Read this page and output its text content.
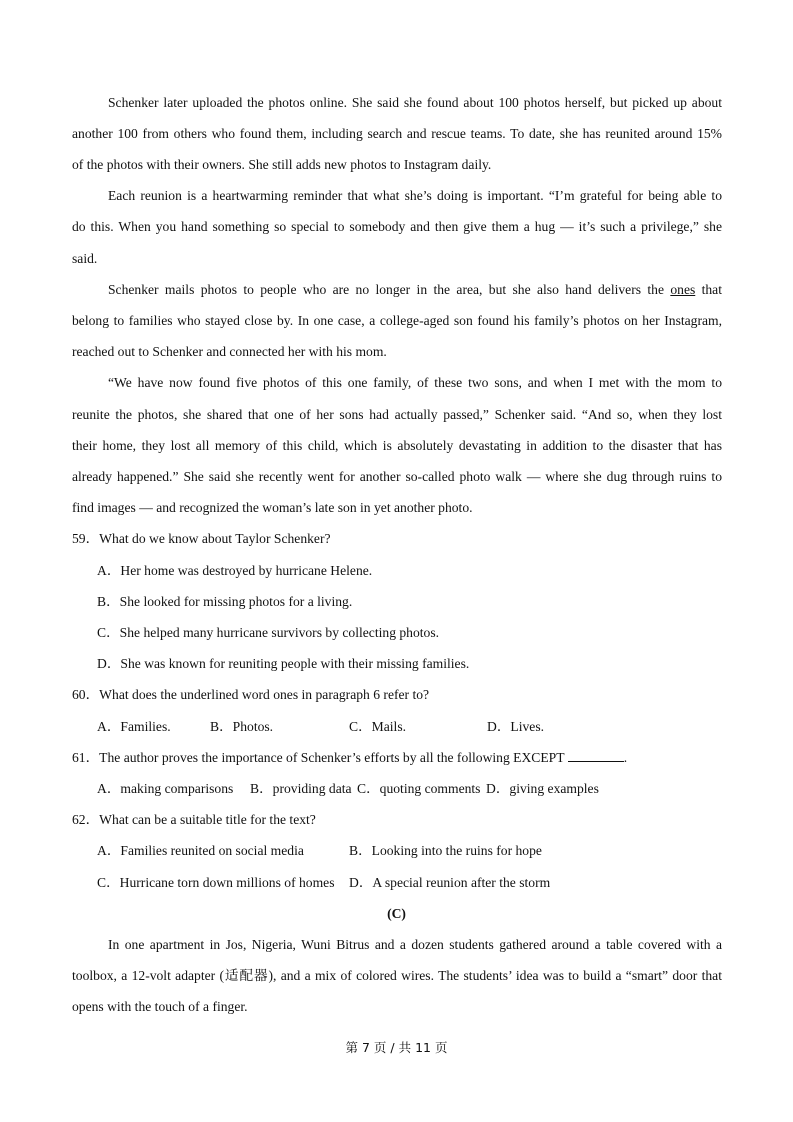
Schenker later uploaded the photos online. She said she found about 100 photos herself, but picked up about
another 100 from others who found them, including search and rescue teams. To date, she has reunited around 15%
of the photos with their owners. She still adds new photos to Instagram daily.
Each reunion is a heartwarming reminder that what she’s doing is important. “I’m grateful for being able to
do this. When you hand something so special to somebody and then give them a hug — it’s such a privilege,” she
said.
Schenker mails photos to people who are no longer in the area, but she also hand delivers the ones that
belong to families who stayed close by. In one case, a college-aged son found his family’s photos on her Instagram,
reached out to Schenker and connected her with his mom.
“We have now found five photos of this one family, of these two sons, and when I met with the mom to
reunite the photos, she shared that one of her sons had actually passed,” Schenker said. “And so, when they lost
their home, they lost all memory of this child, which is absolutely devastating in addition to the disaster that has
already happened.” She said she recently went for another so-called photo walk — where she dug through ruins to
find images — and recognized the woman’s late son in yet another photo.
59．What do we know about Taylor Schenker?
A．Her home was destroyed by hurricane Helene.
B．She looked for missing photos for a living.
C．She helped many hurricane survivors by collecting photos.
D．She was known for reuniting people with their missing families.
60．What does the underlined word ones in paragraph 6 refer to?
A．Families.	B．Photos.	C．Mails.	D．Lives.
61．The author proves the importance of Schenker’s efforts by all the following EXCEPT	.
A．making comparisons B．providing data C．quoting comments D．giving examples
62．What can be a suitable title for the text?
A．Families reunited on social media	B．Looking into the ruins for hope
C．Hurricane torn down millions of homes D．A special reunion after the storm
(C)
In one apartment in Jos, Nigeria, Wuni Bitrus and a dozen students gathered around a table covered with a
toolbox, a 12-volt adapter (适配器), and a mix of colored wires. The students’ idea was to build a “smart” door that
opens with the touch of a finger.
第 7 页 / 共 11 页
